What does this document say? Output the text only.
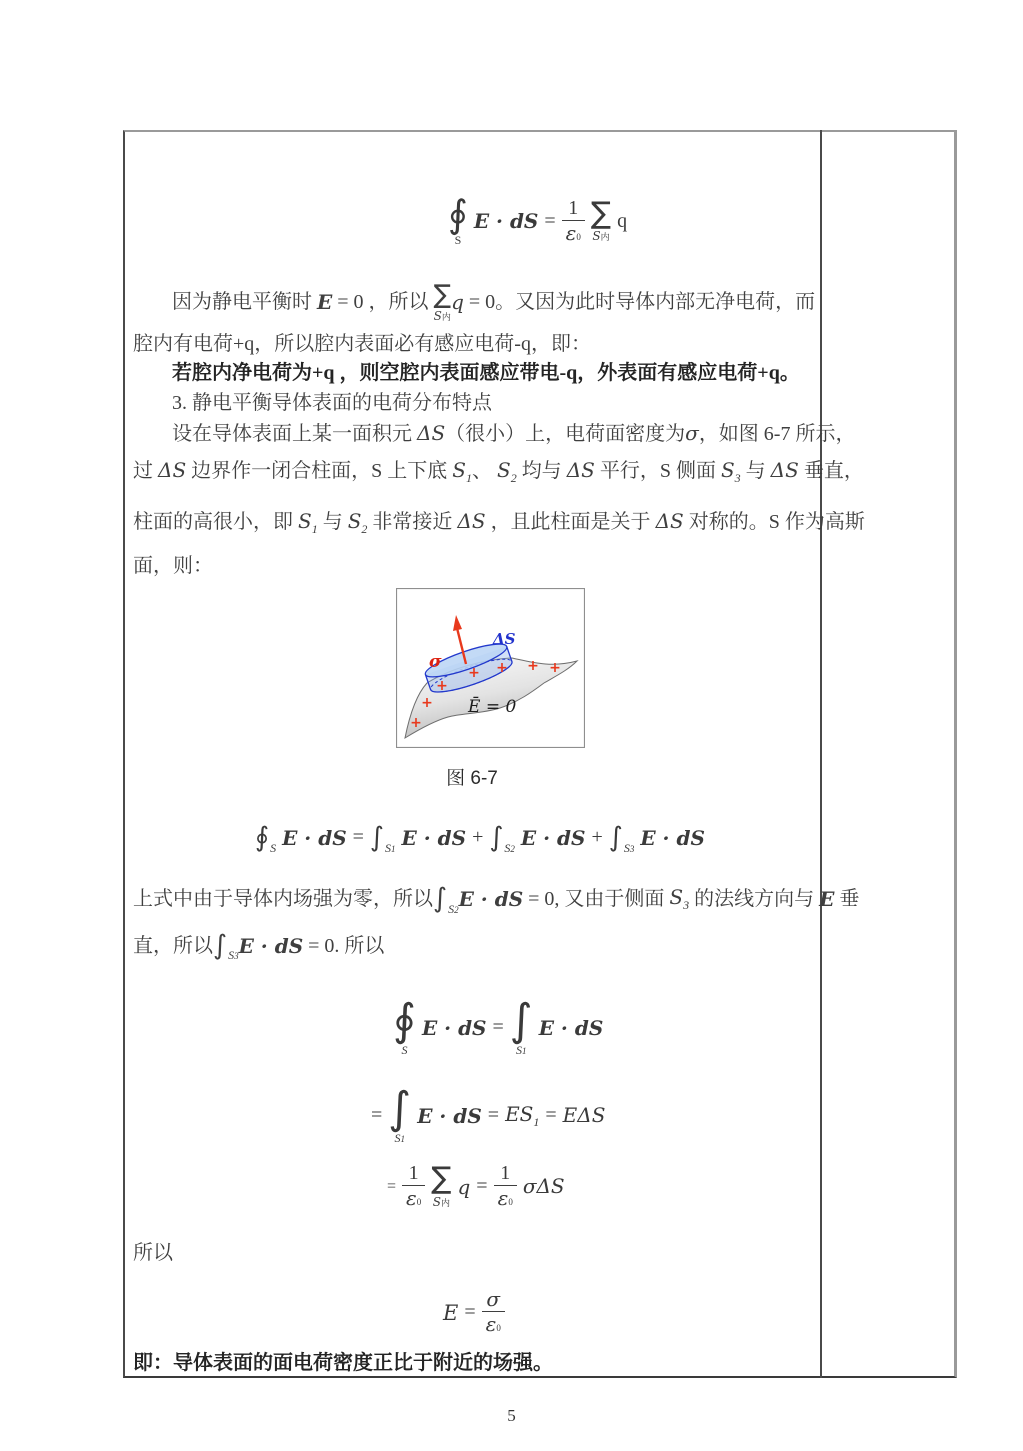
∮
S
E · dS = $\frac{1}{\varepsilon 0}$ ∑
S内
q
因为静电平衡时 E = 0 ，所以 ∑
S内
q = 0。又因为此时导体内部无净电荷，而
腔内有电荷+q，所以腔内表面必有感应电荷-q，即：
若腔内净电荷为+q ，则空腔内表面感应带电-q，外表面有感应电荷+q。
3. 静电平衡导体表面的电荷分布特点
设在导体表面上某一面积元 ΔS （很小）上，电荷面密度为 σ ，如图 6-7 所示，
过 ΔS 边界作一闭合柱面，S 上下底 $S_1$ 、 $S_2$ 均与 ΔS 平行，S 侧面 $S_3$ 与 ΔS 垂直，
柱面的高很小，即 $S_1$ 与 $S_2$ 非常接近 ΔS ，且此柱面是关于 ΔS 对称的。S 作为高斯
面，则：
σ
ΔS
Ē = 0
+
+ + + +
+
+
图 6-7
∮ S E · dS = ∫ S1 E · dS + ∫ S2 E · dS + ∫ S3 E · dS
上式中由于导体内场强为零，所以 ∫ S2 E · dS = 0, 又由于侧面 $S_3$ 的法线方向与 E 垂
直，所以 ∫ S3 E · dS = 0. 所以
∮
S
E · dS = ∫
S1
E · dS
= ∫
S1
E · dS = $ES_1 = E\Delta S$
= $\frac{1}{\varepsilon 0}$ ∑
S内
$q = \frac{1}{\varepsilon 0}$ σΔS
所以
$E = \frac{\sigma}{\varepsilon 0}$
即：导体表面的面电荷密度正比于附近的场强。
5
